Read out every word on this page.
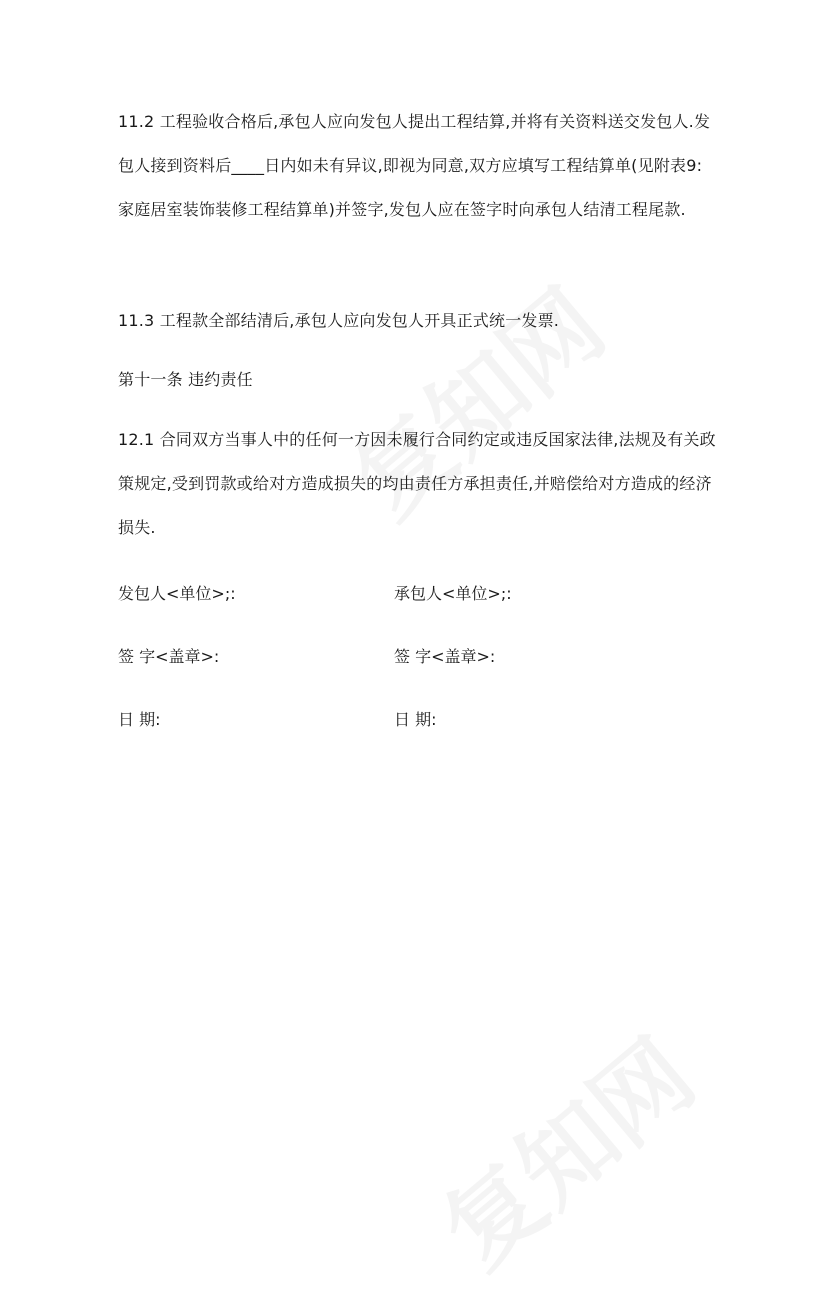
11.2 工程验收合格后,承包人应向发包人提出工程结算,并将有关资料送交发包人.发包人接到资料后____日内如未有异议,即视为同意,双方应填写工程结算单(见附表9:家庭居室装饰装修工程结算单)并签字,发包人应在签字时向承包人结清工程尾款.
11.3 工程款全部结清后,承包人应向发包人开具正式统一发票.
第十一条 违约责任
12.1 合同双方当事人中的任何一方因未履行合同约定或违反国家法律,法规及有关政策规定,受到罚款或给对方造成损失的均由责任方承担责任,并赔偿给对方造成的经济损失.
发包人<单位>;:	承包人<单位>;:
签 字<盖章>:	签 字<盖章>:
日 期:	日 期:
